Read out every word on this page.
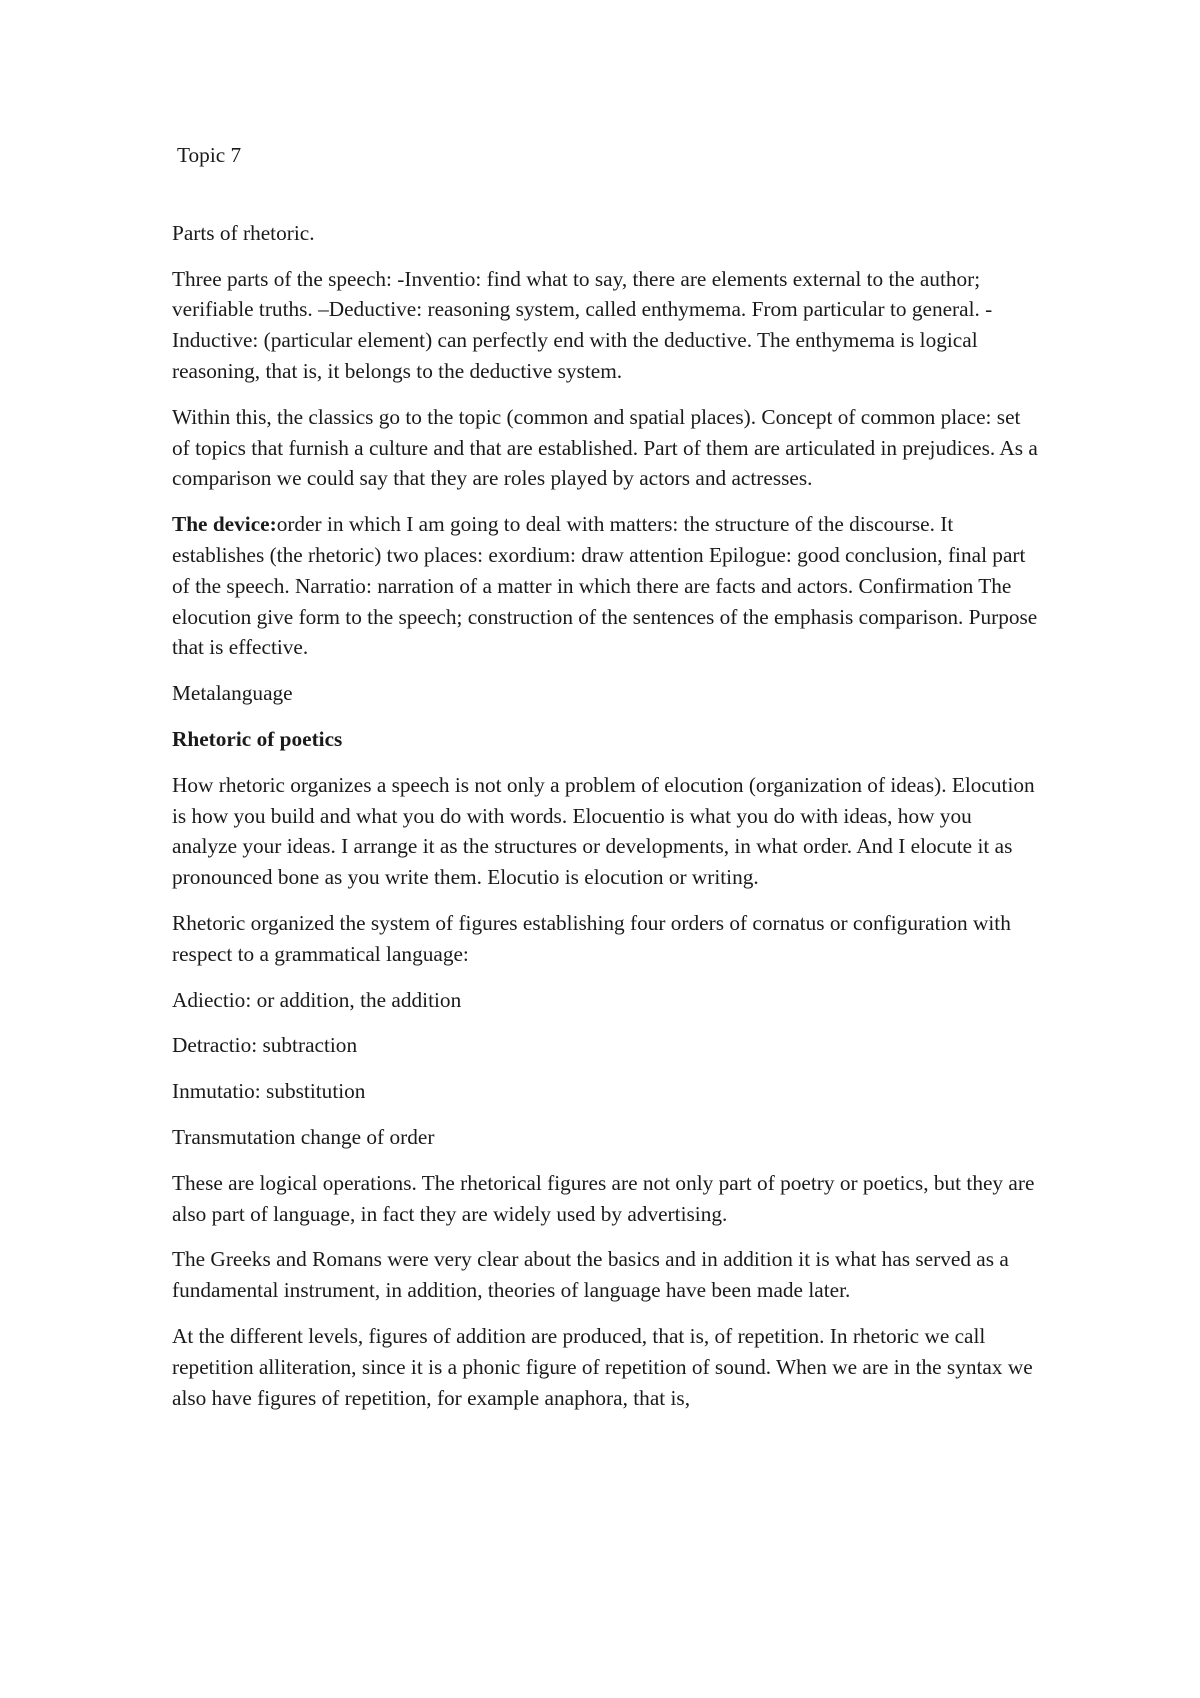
Topic 7

Parts of rhetoric.

Three parts of the speech: -Inventio: find what to say, there are elements external to the author; verifiable truths. –Deductive: reasoning system, called enthymema. From particular to general. -Inductive: (particular element) can perfectly end with the deductive. The enthymema is logical reasoning, that is, it belongs to the deductive system.

Within this, the classics go to the topic (common and spatial places). Concept of common place: set of topics that furnish a culture and that are established. Part of them are articulated in prejudices. As a comparison we could say that they are roles played by actors and actresses.

The device:order in which I am going to deal with matters: the structure of the discourse. It establishes (the rhetoric) two places: exordium: draw attention Epilogue: good conclusion, final part of the speech. Narratio: narration of a matter in which there are facts and actors. Confirmation The elocution give form to the speech; construction of the sentences of the emphasis comparison. Purpose that is effective.

Metalanguage

Rhetoric of poetics

How rhetoric organizes a speech is not only a problem of elocution (organization of ideas). Elocution is how you build and what you do with words. Elocuentio is what you do with ideas, how you analyze your ideas. I arrange it as the structures or developments, in what order. And I elocute it as pronounced bone as you write them. Elocutio is elocution or writing.

Rhetoric organized the system of figures establishing four orders of cornatus or configuration with respect to a grammatical language:

Adiectio: or addition, the addition

Detractio: subtraction

Inmutatio: substitution

Transmutation change of order

These are logical operations. The rhetorical figures are not only part of poetry or poetics, but they are also part of language, in fact they are widely used by advertising.

The Greeks and Romans were very clear about the basics and in addition it is what has served as a fundamental instrument, in addition, theories of language have been made later.

At the different levels, figures of addition are produced, that is, of repetition. In rhetoric we call repetition alliteration, since it is a phonic figure of repetition of sound. When we are in the syntax we also have figures of repetition, for example anaphora, that is,
